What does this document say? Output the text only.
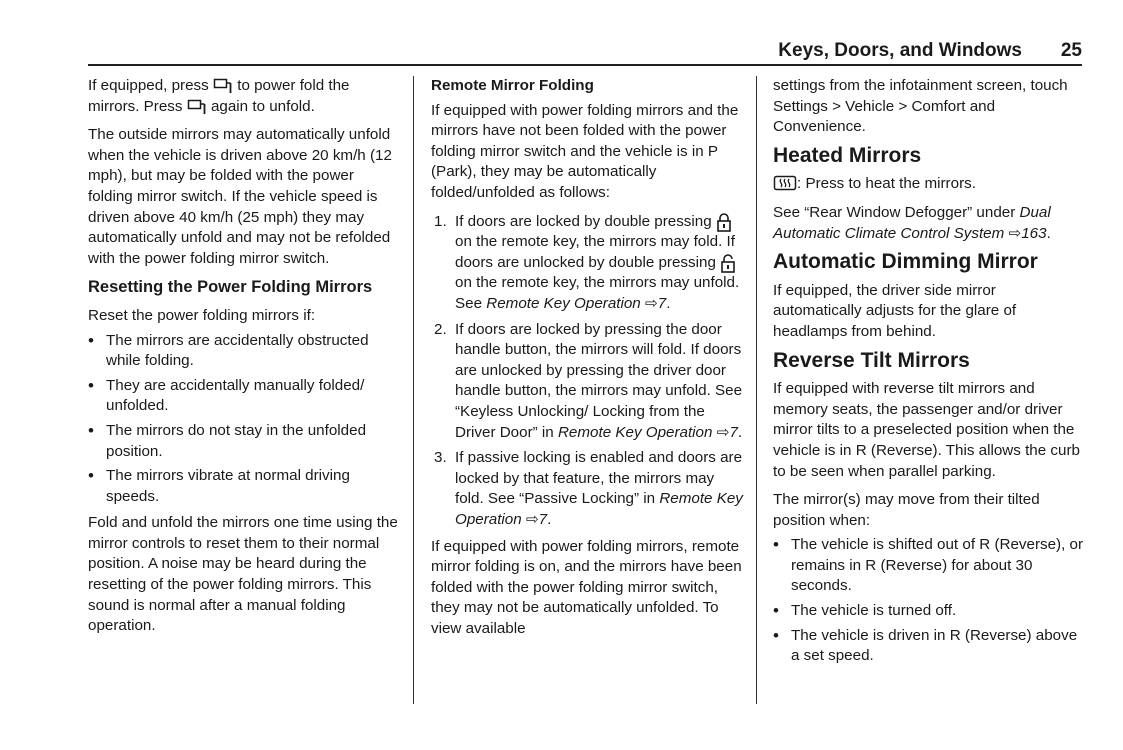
Keys, Doors, and Windows 25

If equipped, press to power fold the mirrors. Press again to unfold.

The outside mirrors may automatically unfold when the vehicle is driven above 20 km/h (12 mph), but may be folded with the power folding mirror switch. If the vehicle speed is driven above 40 km/h (25 mph) they may automatically unfold and may not be refolded with the power folding mirror switch.

Resetting the Power Folding Mirrors

Reset the power folding mirrors if:

• The mirrors are accidentally obstructed while folding.
• They are accidentally manually folded/ unfolded.
• The mirrors do not stay in the unfolded position.
• The mirrors vibrate at normal driving speeds.

Fold and unfold the mirrors one time using the mirror controls to reset them to their normal position. A noise may be heard during the resetting of the power folding mirrors. This sound is normal after a manual folding operation.

Remote Mirror Folding

If equipped with power folding mirrors and the mirrors have not been folded with the power folding mirror switch and the vehicle is in P (Park), they may be automatically folded/unfolded as follows:

1. If doors are locked by double pressing
on the remote key, the mirrors may fold. If doors are unlocked by double pressing
on the remote key, the mirrors may unfold. See Remote Key Operation ⇨7.
2. If doors are locked by pressing the door handle button, the mirrors will fold. If doors are unlocked by pressing the driver door handle button, the mirrors may unfold. See “Keyless Unlocking/ Locking from the Driver Door” in Remote Key Operation ⇨7.
3. If passive locking is enabled and doors are locked by that feature, the mirrors may fold. See “Passive Locking” in Remote Key Operation ⇨7.

If equipped with power folding mirrors, remote mirror folding is on, and the mirrors have been folded with the power folding mirror switch, they may not be automatically unfolded. To view available

settings from the infotainment screen, touch Settings > Vehicle > Comfort and Convenience.

Heated Mirrors

: Press to heat the mirrors.

See “Rear Window Defogger” under Dual Automatic Climate Control System ⇨163.

Automatic Dimming Mirror

If equipped, the driver side mirror automatically adjusts for the glare of headlamps from behind.

Reverse Tilt Mirrors

If equipped with reverse tilt mirrors and memory seats, the passenger and/or driver mirror tilts to a preselected position when the vehicle is in R (Reverse). This allows the curb to be seen when parallel parking.

The mirror(s) may move from their tilted position when:

• The vehicle is shifted out of R (Reverse), or remains in R (Reverse) for about 30 seconds.
• The vehicle is turned off.
• The vehicle is driven in R (Reverse) above a set speed.
